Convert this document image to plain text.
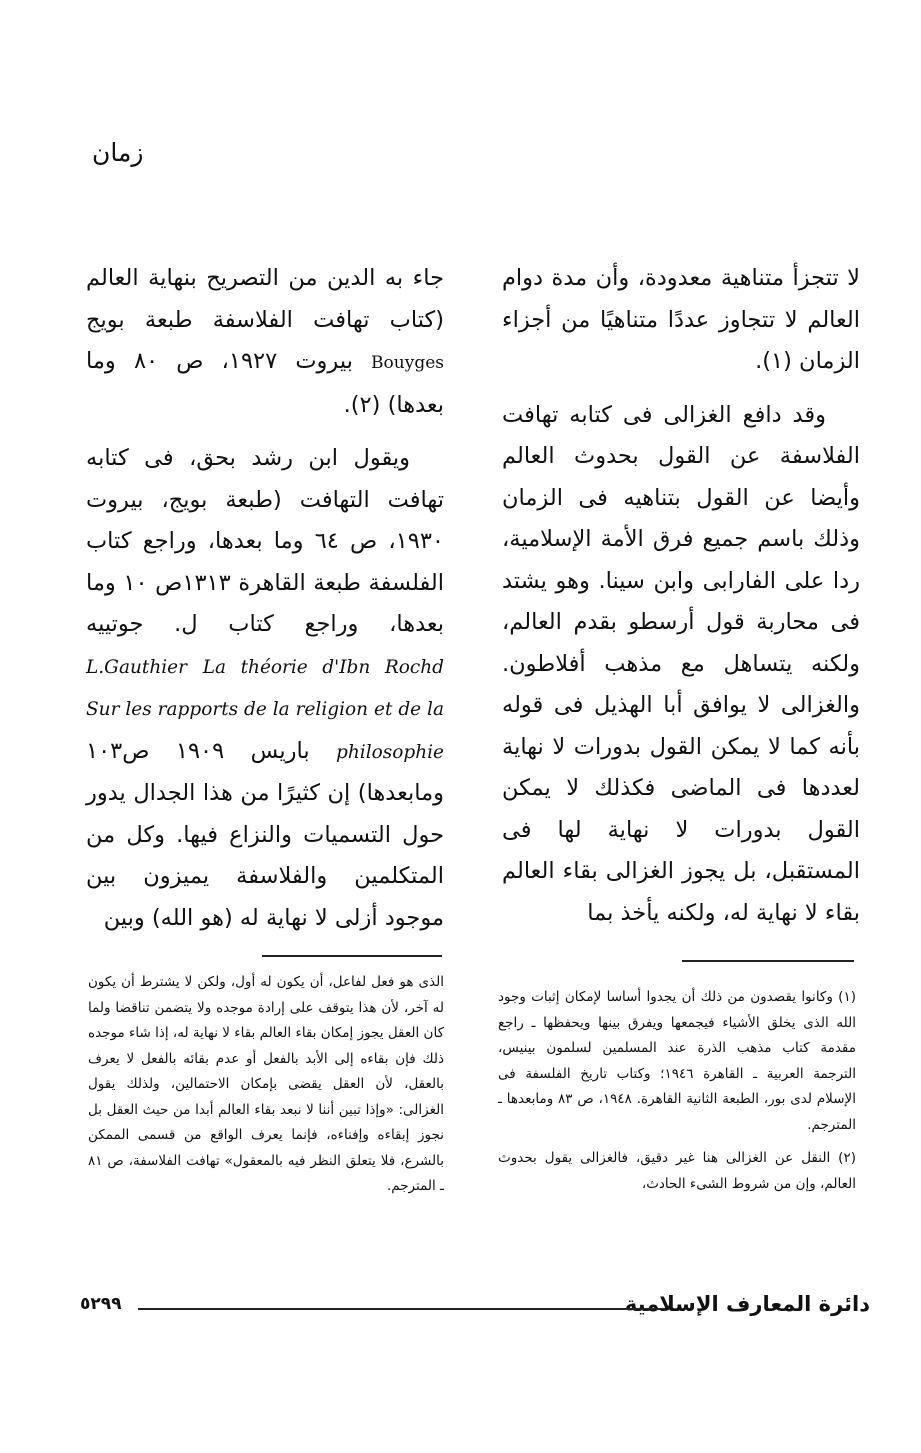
زمان

لا تتجزأ متناهية معدودة، وأن مدة دوام العالم لا تتجاوز عددًا متناهيًا من أجزاء الزمان (١).

وقد دافع الغزالى فى كتابه تهافت الفلاسفة عن القول بحدوث العالم وأيضا عن القول بتناهيه فى الزمان وذلك باسم جميع فرق الأمة الإسلامية، ردا على الفارابى وابن سينا. وهو يشتد فى محاربة قول أرسطو بقدم العالم، ولكنه يتساهل مع مذهب أفلاطون. والغزالى لا يوافق أبا الهذيل فى قوله بأنه كما لا يمكن القول بدورات لا نهاية لعددها فى الماضى فكذلك لا يمكن القول بدورات لا نهاية لها فى المستقبل، بل يجوز الغزالى بقاء العالم بقاء لا نهاية له، ولكنه يأخذ بما

جاء به الدين من التصريح بنهاية العالم (كتاب تهافت الفلاسفة طبعة بويج Bouyges بيروت ١٩٢٧، ص ٨٠ وما بعدها) (٢).

ويقول ابن رشد بحق، فى كتابه تهافت التهافت (طبعة بويج، بيروت ١٩٣٠، ص ٦٤ وما بعدها، وراجع كتاب الفلسفة طبعة القاهرة ١٣١٣ص ١٠ وما بعدها، وراجع كتاب ل. جوتييه L.Gauthier La théorie d'Ibn Rochd Sur les rapports de la religion et de la philosophie باريس ١٩٠٩ ص١٠٣ ومابعدها) إن كثيرًا من هذا الجدال يدور حول التسميات والنزاع فيها. وكل من المتكلمين والفلاسفة يميزون بين موجود أزلى لا نهاية له (هو الله) وبين

(١) وكانوا يقصدون من ذلك أن يجدوا أساسا لإمكان إثبات وجود الله الذى يخلق الأشياء فيجمعها ويفرق بينها ويحفظها ـ راجع مقدمة كتاب مذهب الذرة عند المسلمين لسلمون بينيس، الترجمة العربية ـ القاهرة ١٩٤٦؛ وكتاب تاريخ الفلسفة فى الإسلام لدى بور، الطبعة الثانية القاهرة. ١٩٤٨، ص ٨٣ ومابعدها ـ المترجم.

(٢) النقل عن الغزالى هنا غير دقيق، فالغزالى يقول بحدوث العالم، وإن من شروط الشىء الحادث،

الذى هو فعل لفاعل، أن يكون له أول، ولكن لا يشترط أن يكون له آخر، لأن هذا يتوقف على إرادة موجده ولا يتضمن تناقضا ولما كان العقل يجوز إمكان بقاء العالم بقاء لا نهاية له، إذا شاء موجده ذلك فإن بقاءه إلى الأبد بالفعل أو عدم بقائه بالفعل لا يعرف بالعقل، لأن العقل يقضى بإمكان الاحتمالين، ولذلك يقول الغزالى: «وإذا تبين أننا لا نبعد بقاء العالم أبدا من حيث العقل بل نجوز إبقاءه وإفناءه، فإنما يعرف الواقع من قسمى الممكن بالشرع، فلا يتعلق النظر فيه بالمعقول» تهافت الفلاسفة، ص ٨١ ـ المترجم.

دائرة المعارف الإسلامية
٥٢٩٩
